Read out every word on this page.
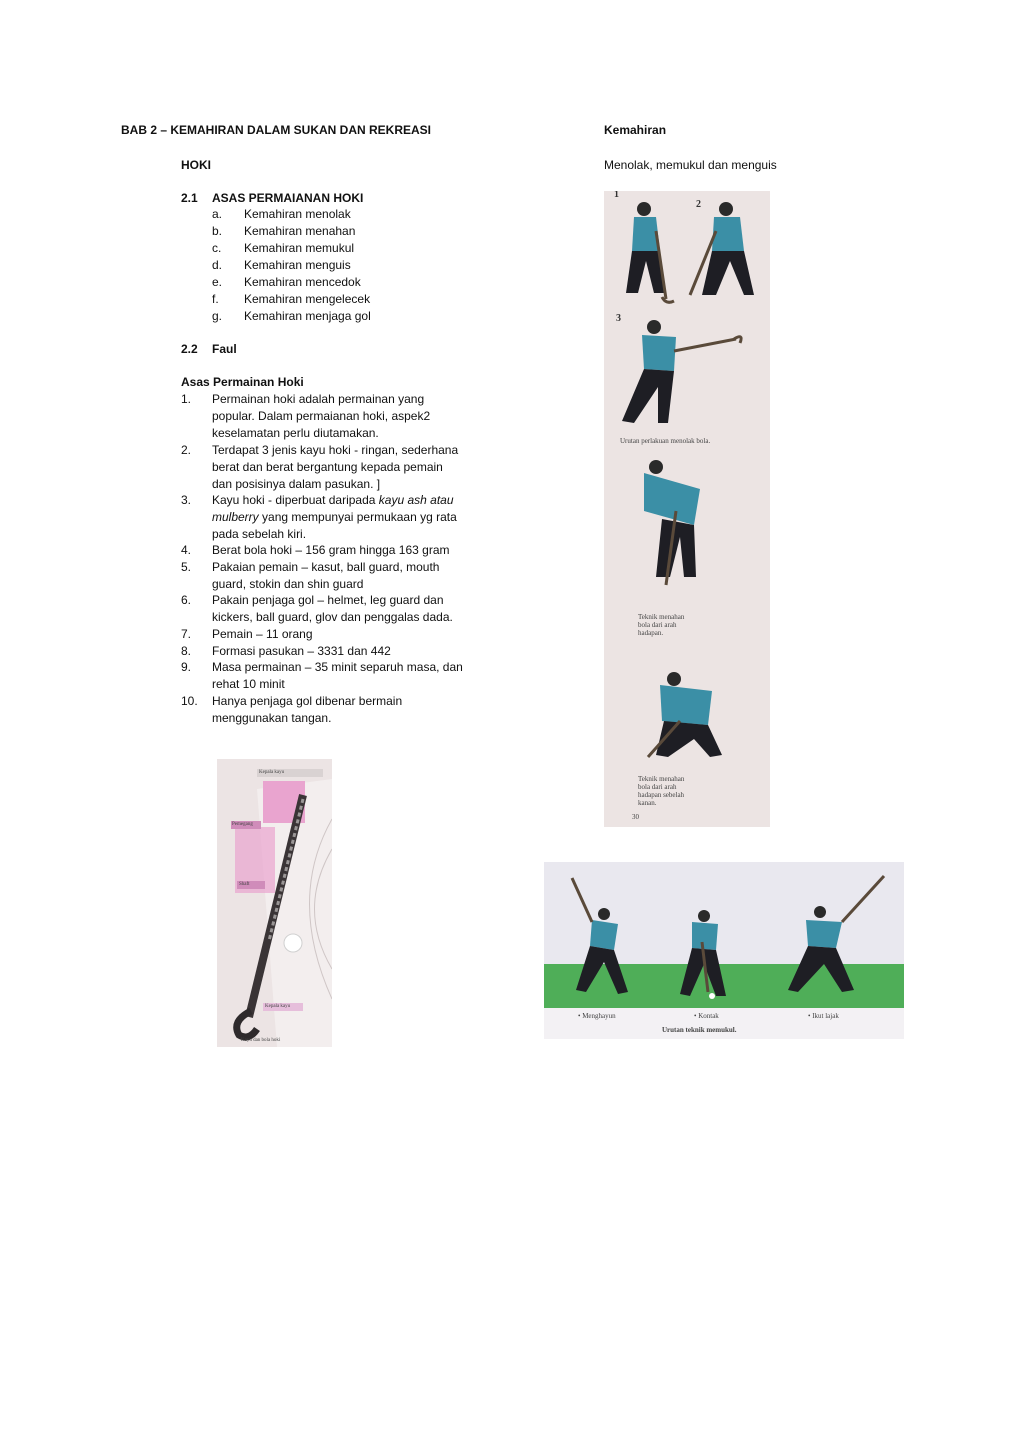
BAB 2 – KEMAHIRAN DALAM SUKAN DAN REKREASI
HOKI
2.1 ASAS PERMAIANAN HOKI
a. Kemahiran menolak
b. Kemahiran menahan
c. Kemahiran memukul
d. Kemahiran menguis
e. Kemahiran mencedok
f. Kemahiran mengelecek
g. Kemahiran menjaga gol
2.2 Faul
Asas Permainan Hoki
1. Permainan hoki adalah permainan yang
popular. Dalam permaianan hoki, aspek2
keselamatan perlu diutamakan.
2. Terdapat 3 jenis kayu hoki - ringan, sederhana
berat dan berat bergantung kepada pemain
dan posisinya dalam pasukan. ]
3. Kayu hoki - diperbuat daripada kayu ash atau
mulberry yang mempunyai permukaan yg rata
pada sebelah kiri.
4. Berat bola hoki – 156 gram hingga 163 gram
5. Pakaian pemain – kasut, ball guard, mouth
guard, stokin dan shin guard
6. Pakain penjaga gol – helmet, leg guard dan
kickers, ball guard, glov dan penggalas dada.
7. Pemain – 11 orang
8. Formasi pasukan – 3331 dan 442
9. Masa permainan – 35 minit separuh masa, dan
rehat 10 minit
10. Hanya penjaga gol dibenar bermain
menggunakan tangan.
Kemahiran
Menolak, memukul dan menguis
1
2
3
Urutan perlakuan menolak bola.
Teknik menahan bola dari arah hadapan.
Teknik menahan bola dari arah hadapan sebelah kanan.
30
Kepala kayu
Pemegang
Shaft
Kepala kayu
Kayu dan bola hoki
• Menghayun	• Kontak	• Ikut lajak
Urutan teknik memukul.
